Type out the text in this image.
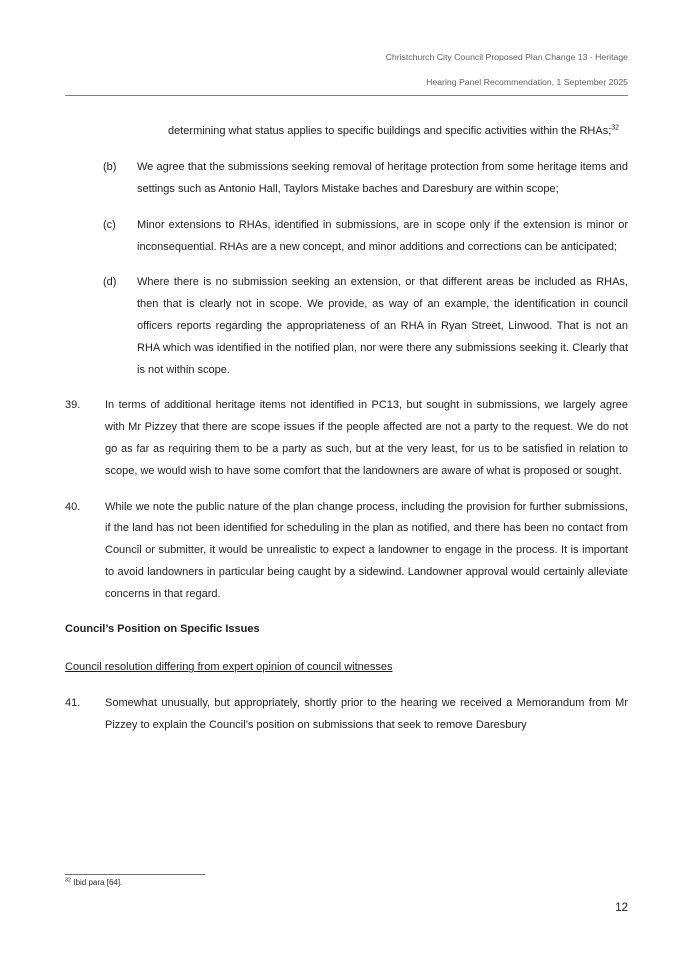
Christchurch City Council Proposed Plan Change 13 - Heritage
Hearing Panel Recommendation, 1 September 2025

determining what status applies to specific buildings and specific activities within the RHAs;$^{32}$

(b)	We agree that the submissions seeking removal of heritage protection from some heritage items and settings such as Antonio Hall, Taylors Mistake baches and Daresbury are within scope;
(c)	Minor extensions to RHAs, identified in submissions, are in scope only if the extension is minor or inconsequential. RHAs are a new concept, and minor additions and corrections can be anticipated;
(d)	Where there is no submission seeking an extension, or that different areas be included as RHAs, then that is clearly not in scope. We provide, as way of an example, the identification in council officers reports regarding the appropriateness of an RHA in Ryan Street, Linwood. That is not an RHA which was identified in the notified plan, nor were there any submissions seeking it. Clearly that is not within scope.
39.	In terms of additional heritage items not identified in PC13, but sought in submissions, we largely agree with Mr Pizzey that there are scope issues if the people affected are not a party to the request. We do not go as far as requiring them to be a party as such, but at the very least, for us to be satisfied in relation to scope, we would wish to have some comfort that the landowners are aware of what is proposed or sought.
40.	While we note the public nature of the plan change process, including the provision for further submissions, if the land has not been identified for scheduling in the plan as notified, and there has been no contact from Council or submitter, it would be unrealistic to expect a landowner to engage in the process. It is important to avoid landowners in particular being caught by a sidewind. Landowner approval would certainly alleviate concerns in that regard.
Council’s Position on Specific Issues
Council resolution differing from expert opinion of council witnesses
41.	Somewhat unusually, but appropriately, shortly prior to the hearing we received a Memorandum from Mr Pizzey to explain the Council’s position on submissions that seek to remove Daresbury
$^{32}$ Ibid para [64].
12
